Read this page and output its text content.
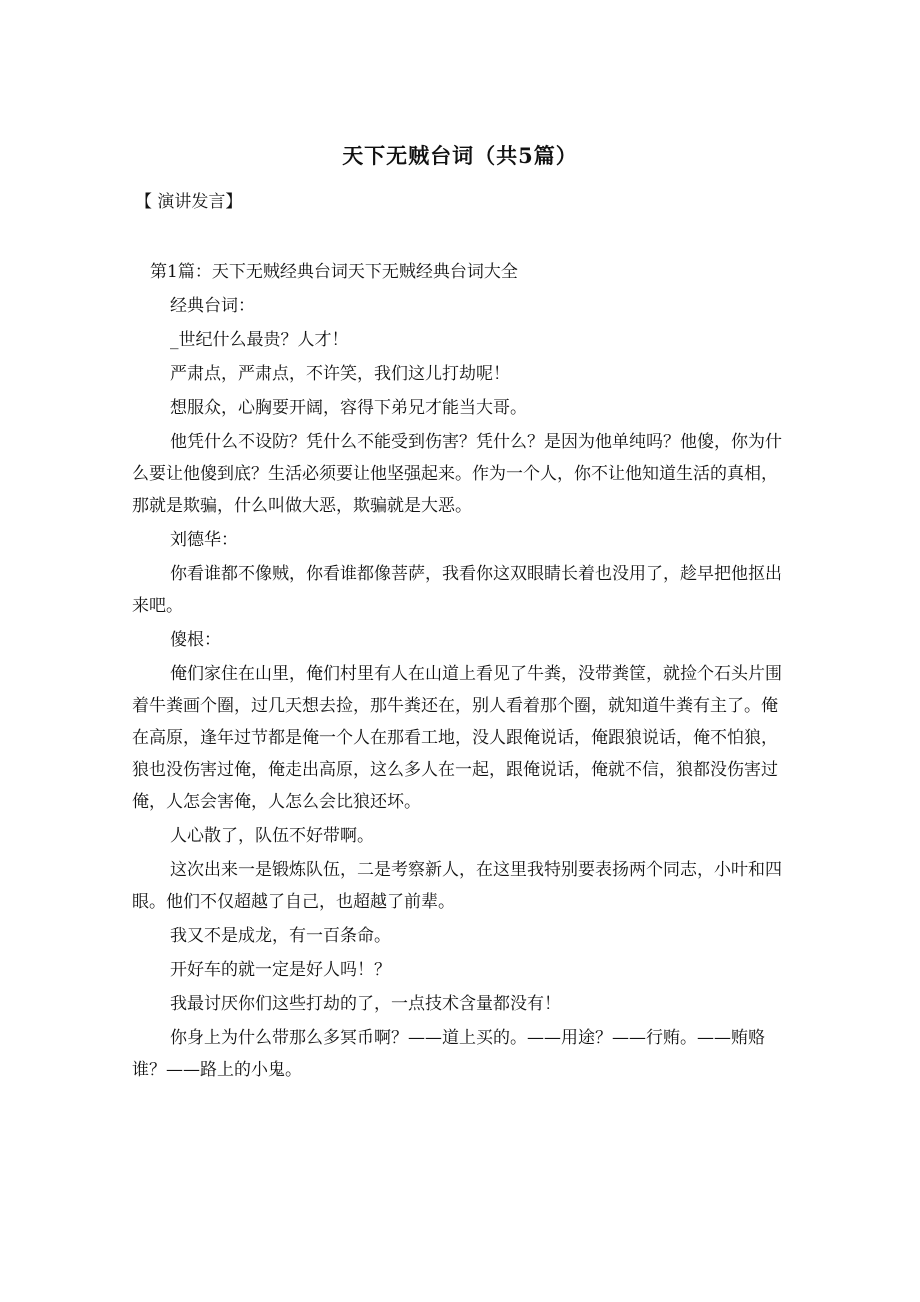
天下无贼台词（共5篇）
【 演讲发言】

第1篇：天下无贼经典台词天下无贼经典台词大全

经典台词：

_世纪什么最贵？人才！

严肃点，严肃点，不许笑，我们这儿打劫呢！

想服众，心胸要开阔，容得下弟兄才能当大哥。

他凭什么不设防？凭什么不能受到伤害？凭什么？是因为他单纯吗？他傻，你为什么要让他傻到底？生活必须要让他坚强起来。作为一个人，你不让他知道生活的真相，那就是欺骗，什么叫做大恶，欺骗就是大恶。

刘德华：

你看谁都不像贼，你看谁都像菩萨，我看你这双眼睛长着也没用了，趁早把他抠出来吧。

傻根：

俺们家住在山里，俺们村里有人在山道上看见了牛粪，没带粪筐，就捡个石头片围着牛粪画个圈，过几天想去捡，那牛粪还在，别人看着那个圈，就知道牛粪有主了。俺在高原，逢年过节都是俺一个人在那看工地，没人跟俺说话，俺跟狼说话，俺不怕狼，狼也没伤害过俺，俺走出高原，这么多人在一起，跟俺说话，俺就不信，狼都没伤害过俺，人怎会害俺，人怎么会比狼还坏。

人心散了，队伍不好带啊。

这次出来一是锻炼队伍，二是考察新人，在这里我特别要表扬两个同志，小叶和四眼。他们不仅超越了自己，也超越了前辈。

我又不是成龙，有一百条命。

开好车的就一定是好人吗！？

我最讨厌你们这些打劫的了，一点技术含量都没有！

你身上为什么带那么多冥币啊？——道上买的。——用途？——行贿。——贿赂谁？——路上的小鬼。
